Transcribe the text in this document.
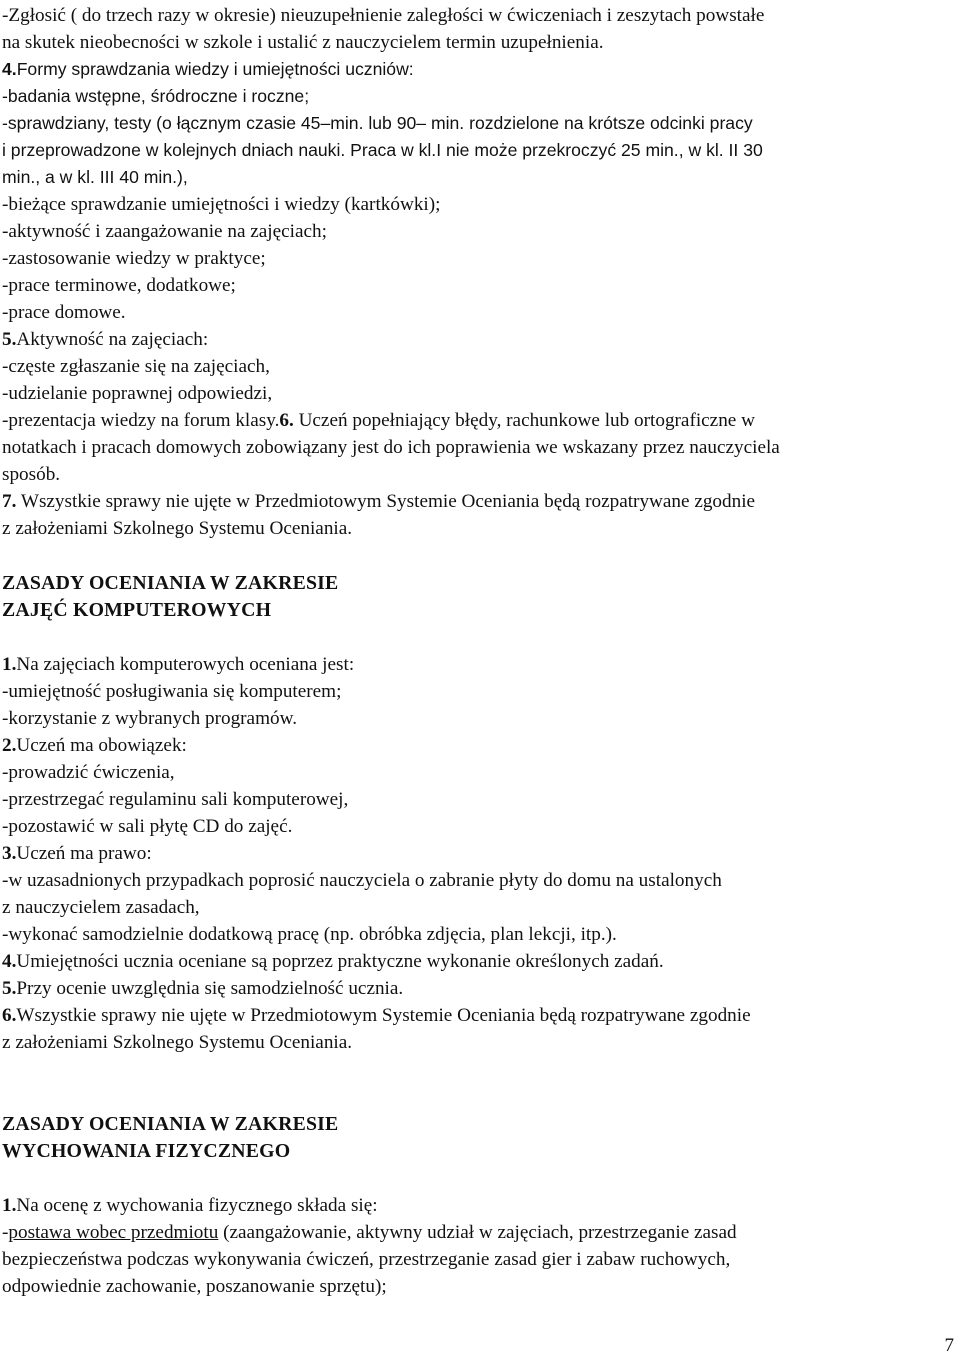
-Zgłosić ( do trzech razy w okresie) nieuzupełnienie zaległości w ćwiczeniach i zeszytach powstałe

na skutek nieobecności w szkole i ustalić z nauczycielem termin uzupełnienia.

4.Formy sprawdzania wiedzy i umiejętności uczniów:

-badania wstępne, śródroczne i roczne;

-sprawdziany, testy (o łącznym czasie 45–min. lub 90– min. rozdzielone na krótsze odcinki pracy

i przeprowadzone w kolejnych dniach nauki. Praca w kl.I nie może przekroczyć 25 min., w kl. II 30

min., a w kl. III 40 min.),

-bieżące sprawdzanie umiejętności i wiedzy (kartkówki);

-aktywność i zaangażowanie na zajęciach;

-zastosowanie wiedzy w praktyce;

-prace terminowe, dodatkowe;

-prace domowe.

5.Aktywność na zajęciach:

-częste zgłaszanie się na zajęciach,

-udzielanie poprawnej odpowiedzi,

-prezentacja wiedzy na forum klasy.6. Uczeń popełniający błędy, rachunkowe lub ortograficzne w

notatkach i pracach domowych zobowiązany jest do ich poprawienia we wskazany przez nauczyciela

sposób.

7. Wszystkie sprawy nie ujęte w Przedmiotowym Systemie Oceniania będą rozpatrywane zgodnie

z założeniami Szkolnego Systemu Oceniania.

ZASADY OCENIANIA W ZAKRESIE

ZAJĘĆ KOMPUTEROWYCH

1.Na zajęciach komputerowych oceniana jest:

-umiejętność posługiwania się komputerem;

-korzystanie z wybranych programów.

2.Uczeń ma obowiązek:

-prowadzić ćwiczenia,

-przestrzegać regulaminu sali komputerowej,

-pozostawić w sali płytę CD do zajęć.

3.Uczeń ma prawo:

-w uzasadnionych przypadkach poprosić nauczyciela o zabranie płyty do domu na ustalonych

z nauczycielem zasadach,

-wykonać samodzielnie dodatkową pracę (np. obróbka zdjęcia, plan lekcji, itp.).

4.Umiejętności ucznia oceniane są poprzez praktyczne wykonanie określonych zadań.

5.Przy ocenie uwzględnia się samodzielność ucznia.

6.Wszystkie sprawy nie ujęte w Przedmiotowym Systemie Oceniania będą rozpatrywane zgodnie

z założeniami Szkolnego Systemu Oceniania.

ZASADY OCENIANIA W ZAKRESIE

WYCHOWANIA FIZYCZNEGO

1.Na ocenę z wychowania fizycznego składa się:

-postawa wobec przedmiotu (zaangażowanie, aktywny udział w zajęciach, przestrzeganie zasad

bezpieczeństwa podczas wykonywania ćwiczeń, przestrzeganie zasad gier i zabaw ruchowych,

odpowiednie zachowanie, poszanowanie sprzętu);

7
